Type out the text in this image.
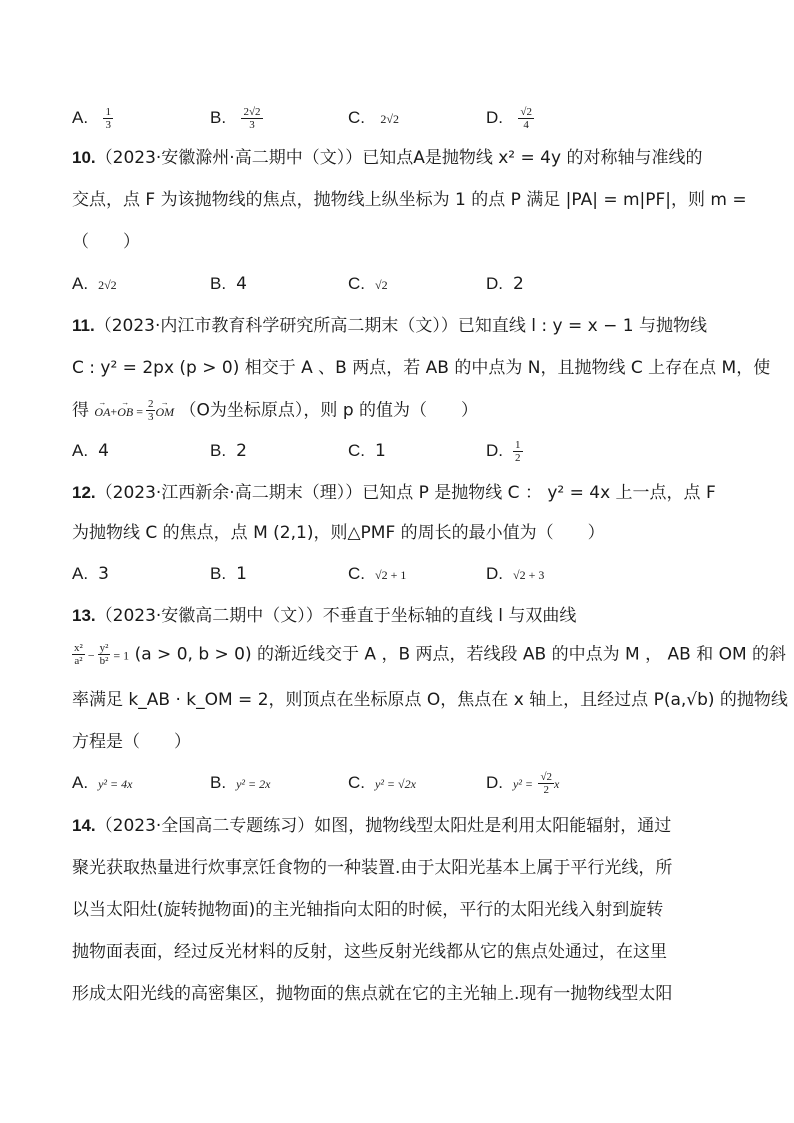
A. $\frac{1}{3}$	B. $\frac{2√2}{3}$	C. 2√2	D. $\frac{√2}{4}$
10.（2023·安徽滁州·高二期中（文））已知点A是抛物线 x² = 4y 的对称轴与准线的
交点，点 F 为该抛物线的焦点，抛物线上纵坐标为 1 的点 P 满足 |PA| = m|PF|，则 m =
（　　）
A. 2√2	B. 4	C. √2	D. 2
11.（2023·内江市教育科学研究所高二期末（文））已知直线 l : y = x − 1 与抛物线
C : y² = 2px (p > 0) 相交于 A 、B 两点，若 AB 的中点为 N，且抛物线 C 上存在点 M，使
得 → OA+→ OB = $\frac{2}{3}$ → OM （O为坐标原点），则 p 的值为（　　）
A. 4	B. 2	C. 1	D. $\frac{1}{2}$
12.（2023·江西新余·高二期末（理））已知点 P 是抛物线 C ： y² = 4x 上一点，点 F
为抛物线 C 的焦点，点 M (2,1)，则△PMF 的周长的最小值为（　　）
A. 3	B. 1	C. √2 + 1	D. √2 + 3
13.（2023·安徽高二期中（文））不垂直于坐标轴的直线 l 与双曲线
$\frac{\text{x²}}{\text{a²}} - \frac{\text{y²}}{\text{b²}} = 1$ (a > 0, b > 0) 的渐近线交于 A ，B 两点，若线段 AB 的中点为 M ， AB 和 OM 的斜
率满足 k_AB · k_OM = 2，则顶点在坐标原点 O，焦点在 x 轴上，且经过点 P(a,√b) 的抛物线
方程是（　　）
A. y² = 4x	B. y² = 2x	C. y² = √2x	D. $y^2 = \frac{√2}{2}$ x
14.（2023·全国高二专题练习）如图，抛物线型太阳灶是利用太阳能辐射，通过
聚光获取热量进行炊事烹饪食物的一种装置.由于太阳光基本上属于平行光线，所
以当太阳灶(旋转抛物面)的主光轴指向太阳的时候，平行的太阳光线入射到旋转
抛物面表面，经过反光材料的反射，这些反射光线都从它的焦点处通过，在这里
形成太阳光线的高密集区，抛物面的焦点就在它的主光轴上.现有一抛物线型太阳
